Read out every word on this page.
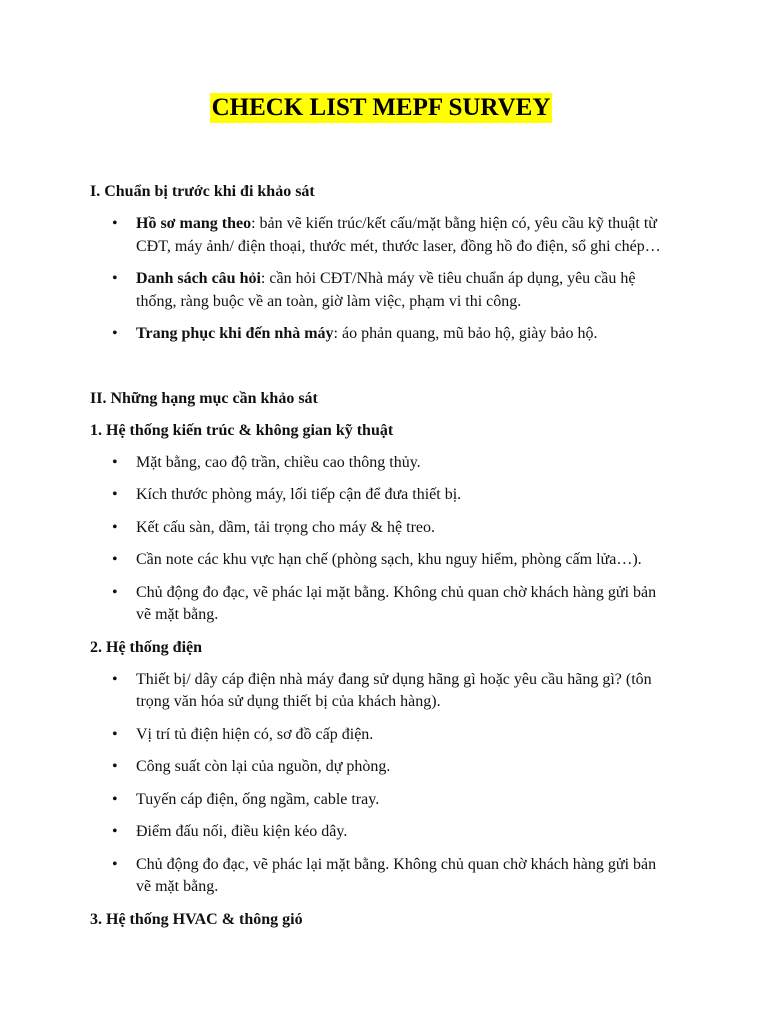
CHECK LIST MEPF SURVEY
I. Chuẩn bị trước khi đi khảo sát
• Hồ sơ mang theo: bản vẽ kiến trúc/kết cấu/mặt bằng hiện có, yêu cầu kỹ thuật từ CĐT, máy ảnh/ điện thoại, thước mét, thước laser, đồng hồ đo điện, sổ ghi chép…
• Danh sách câu hỏi: cần hỏi CĐT/Nhà máy về tiêu chuẩn áp dụng, yêu cầu hệ thống, ràng buộc về an toàn, giờ làm việc, phạm vi thi công.
• Trang phục khi đến nhà máy: áo phản quang, mũ bảo hộ, giày bảo hộ.
II. Những hạng mục cần khảo sát
1. Hệ thống kiến trúc & không gian kỹ thuật
• Mặt bằng, cao độ trần, chiều cao thông thủy.
• Kích thước phòng máy, lối tiếp cận để đưa thiết bị.
• Kết cấu sàn, dầm, tải trọng cho máy & hệ treo.
• Cần note các khu vực hạn chế (phòng sạch, khu nguy hiểm, phòng cấm lửa…).
• Chủ động đo đạc, vẽ phác lại mặt bằng. Không chủ quan chờ khách hàng gửi bản vẽ mặt bằng.
2. Hệ thống điện
• Thiết bị/ dây cáp điện nhà máy đang sử dụng hãng gì hoặc yêu cầu hãng gì? (tôn trọng văn hóa sử dụng thiết bị của khách hàng).
• Vị trí tủ điện hiện có, sơ đồ cấp điện.
• Công suất còn lại của nguồn, dự phòng.
• Tuyến cáp điện, ống ngầm, cable tray.
• Điểm đấu nối, điều kiện kéo dây.
• Chủ động đo đạc, vẽ phác lại mặt bằng. Không chủ quan chờ khách hàng gửi bản vẽ mặt bằng.
3. Hệ thống HVAC & thông gió
